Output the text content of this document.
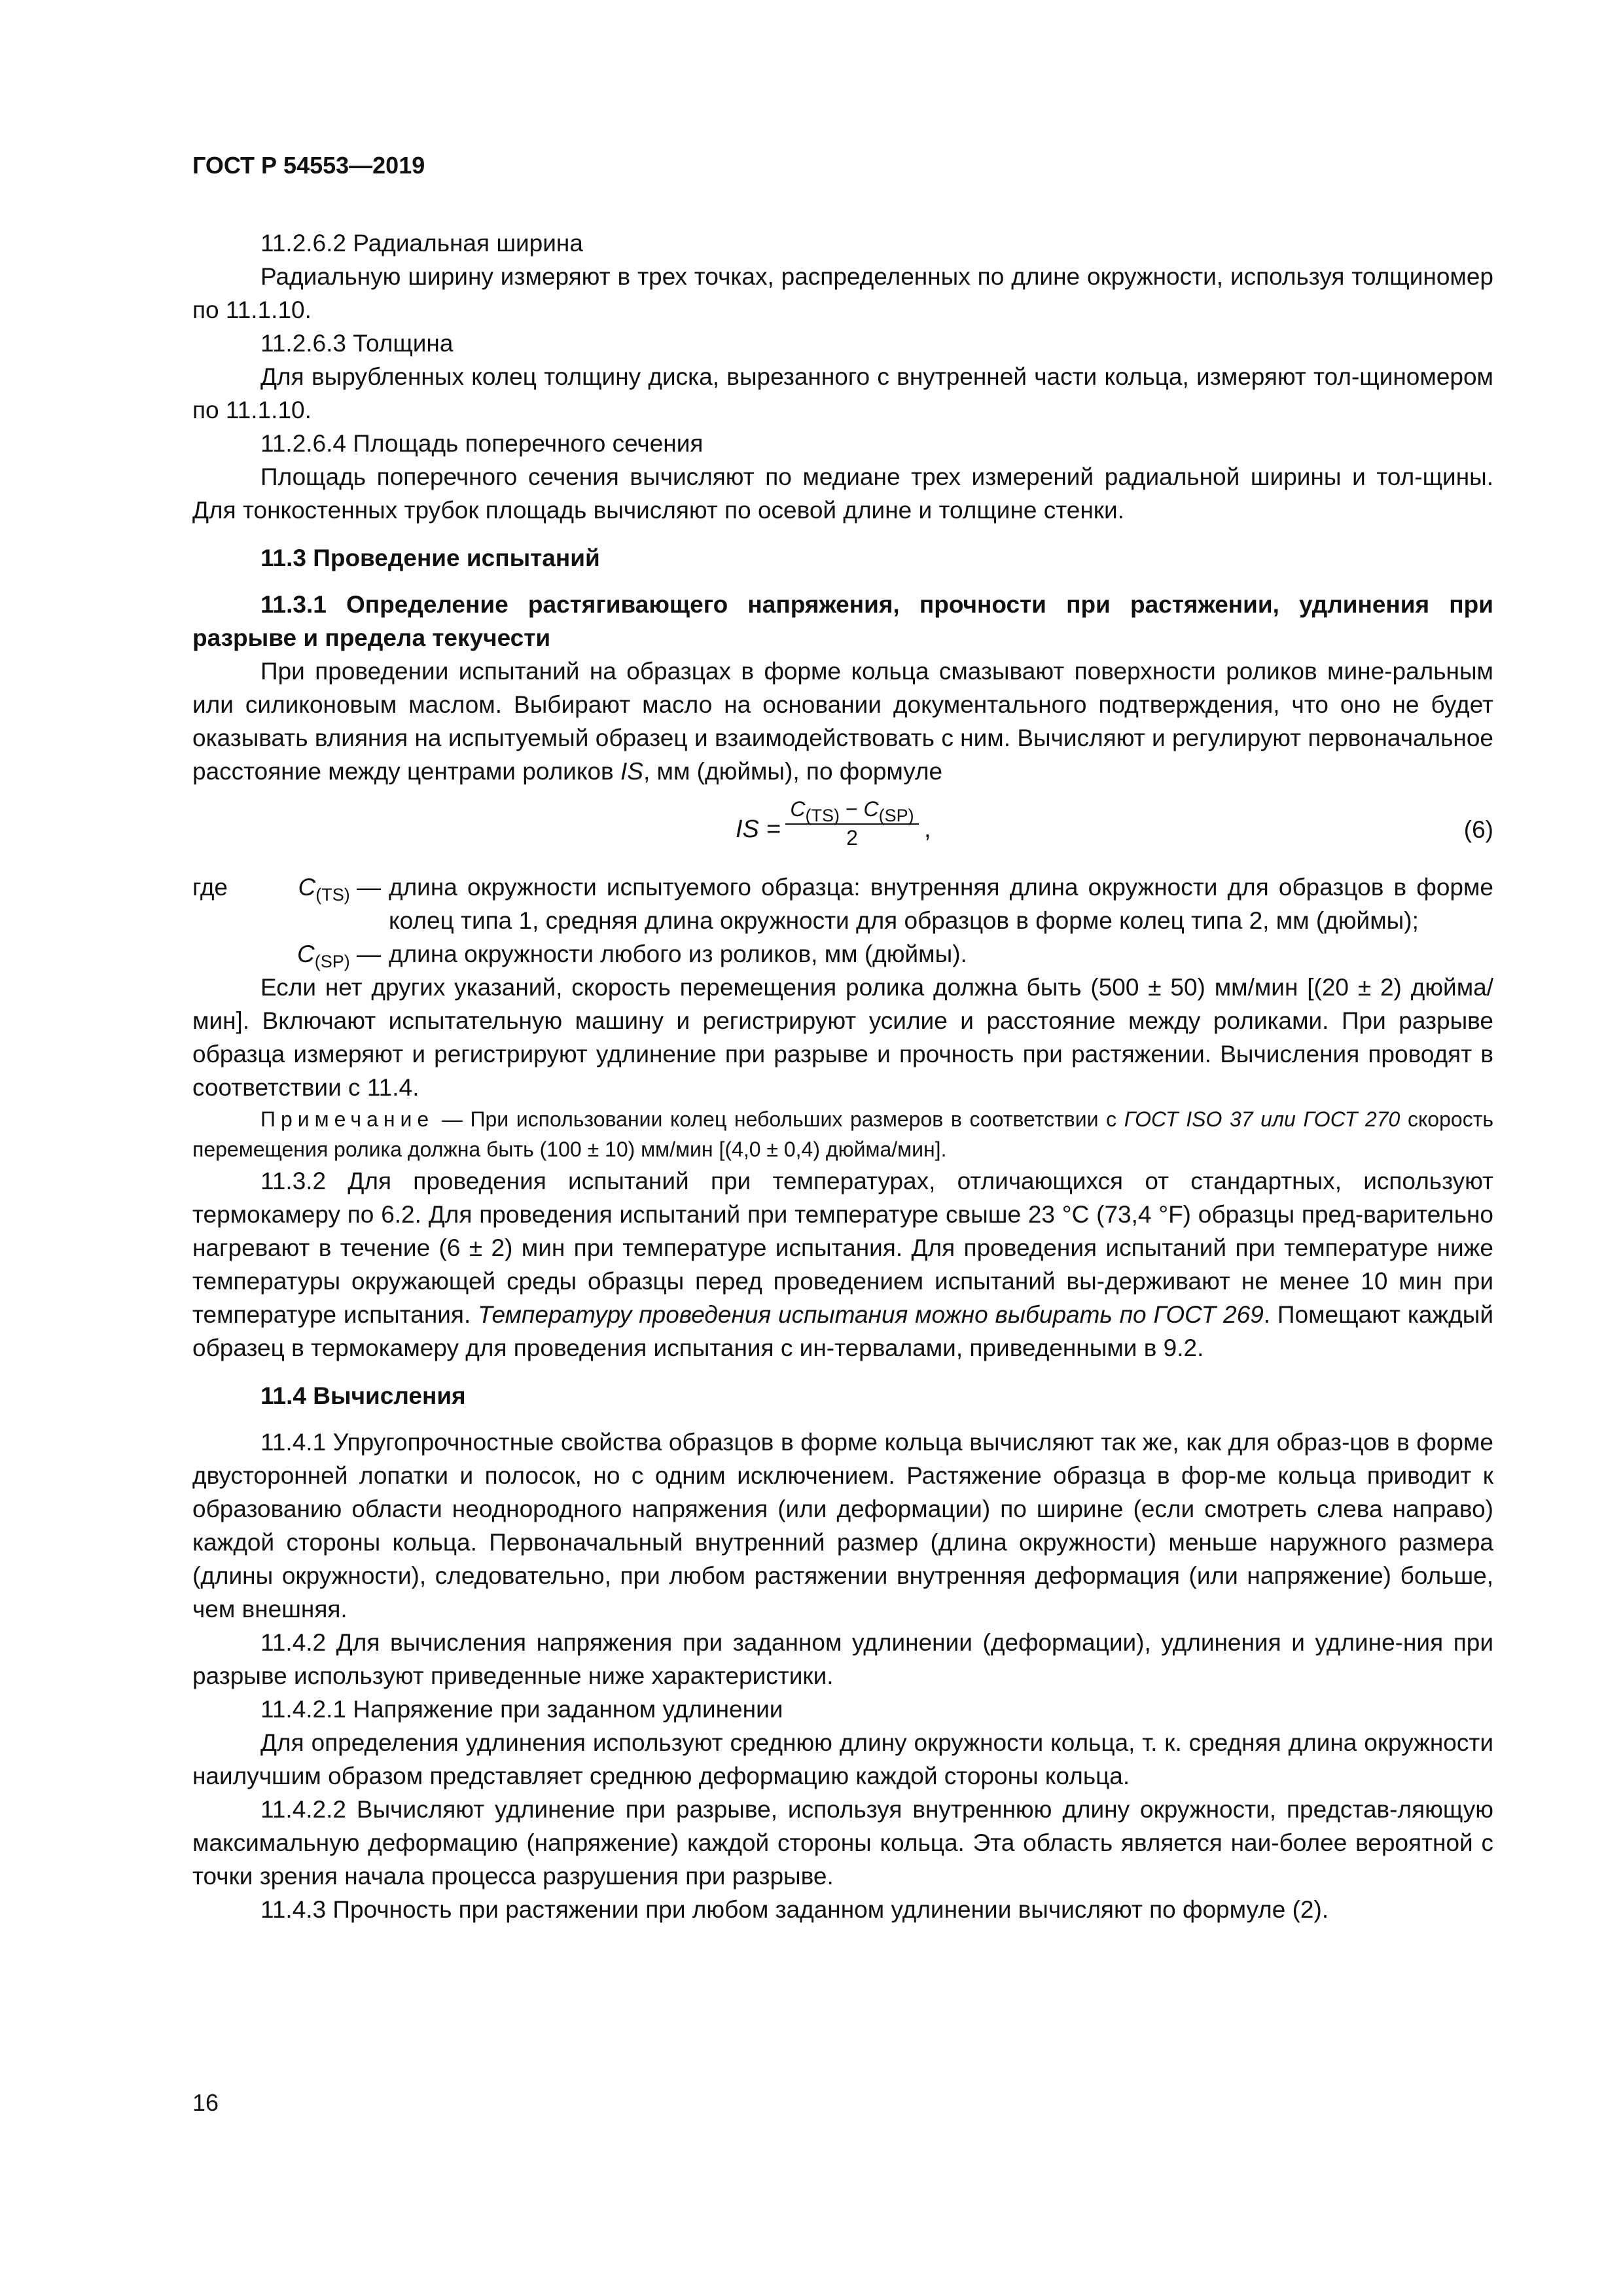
ГОСТ Р 54553—2019

11.2.6.2 Радиальная ширина

Радиальную ширину измеряют в трех точках, распределенных по длине окружности, используя толщиномер по 11.1.10.

11.2.6.3 Толщина

Для вырубленных колец толщину диска, вырезанного с внутренней части кольца, измеряют тол-щиномером по 11.1.10.

11.2.6.4 Площадь поперечного сечения

Площадь поперечного сечения вычисляют по медиане трех измерений радиальной ширины и тол-щины. Для тонкостенных трубок площадь вычисляют по осевой длине и толщине стенки.

11.3 Проведение испытаний

11.3.1 Определение растягивающего напряжения, прочности при растяжении, удлинения при разрыве и предела текучести

При проведении испытаний на образцах в форме кольца смазывают поверхности роликов мине-ральным или силиконовым маслом. Выбирают масло на основании документального подтверждения, что оно не будет оказывать влияния на испытуемый образец и взаимодействовать с ним. Вычисляют и регулируют первоначальное расстояние между центрами роликов IS, мм (дюймы), по формуле

IS =
$C_{(TS)} - C_{(SP)}$
2	,	(6)
где	$C_{(TS)}$ — длина окружности испытуемого образца: внутренняя длина окружности для образцов в форме колец типа 1, средняя длина окружности для образцов в форме колец типа 2, мм (дюймы);
$C_{(SP)}$ — длина окружности любого из роликов, мм (дюймы).

Если нет других указаний, скорость перемещения ролика должна быть (500 ± 50) мм/мин [(20 ± 2) дюйма/мин]. Включают испытательную машину и регистрируют усилие и расстояние между роликами. При разрыве образца измеряют и регистрируют удлинение при разрыве и прочность при растяжении. Вычисления проводят в соответствии с 11.4.

Примечание — При использовании колец небольших размеров в соответствии с ГОСТ ISO 37 или ГОСТ 270 скорость перемещения ролика должна быть (100 ± 10) мм/мин [(4,0 ± 0,4) дюйма/мин].

11.3.2 Для проведения испытаний при температурах, отличающихся от стандартных, используют термокамеру по 6.2. Для проведения испытаний при температуре свыше 23 °С (73,4 °F) образцы пред-варительно нагревают в течение (6 ± 2) мин при температуре испытания. Для проведения испытаний при температуре ниже температуры окружающей среды образцы перед проведением испытаний вы-держивают не менее 10 мин при температуре испытания. Температуру проведения испытания можно выбирать по ГОСТ 269. Помещают каждый образец в термокамеру для проведения испытания с ин-тервалами, приведенными в 9.2.

11.4 Вычисления

11.4.1 Упругопрочностные свойства образцов в форме кольца вычисляют так же, как для образ-цов в форме двусторонней лопатки и полосок, но с одним исключением. Растяжение образца в фор-ме кольца приводит к образованию области неоднородного напряжения (или деформации) по ширине (если смотреть слева направо) каждой стороны кольца. Первоначальный внутренний размер (длина окружности) меньше наружного размера (длины окружности), следовательно, при любом растяжении внутренняя деформация (или напряжение) больше, чем внешняя.

11.4.2 Для вычисления напряжения при заданном удлинении (деформации), удлинения и удлине-ния при разрыве используют приведенные ниже характеристики.

11.4.2.1 Напряжение при заданном удлинении

Для определения удлинения используют среднюю длину окружности кольца, т. к. средняя длина окружности наилучшим образом представляет среднюю деформацию каждой стороны кольца.

11.4.2.2 Вычисляют удлинение при разрыве, используя внутреннюю длину окружности, представ-ляющую максимальную деформацию (напряжение) каждой стороны кольца. Эта область является наи-более вероятной с точки зрения начала процесса разрушения при разрыве.

11.4.3 Прочность при растяжении при любом заданном удлинении вычисляют по формуле (2).

16
